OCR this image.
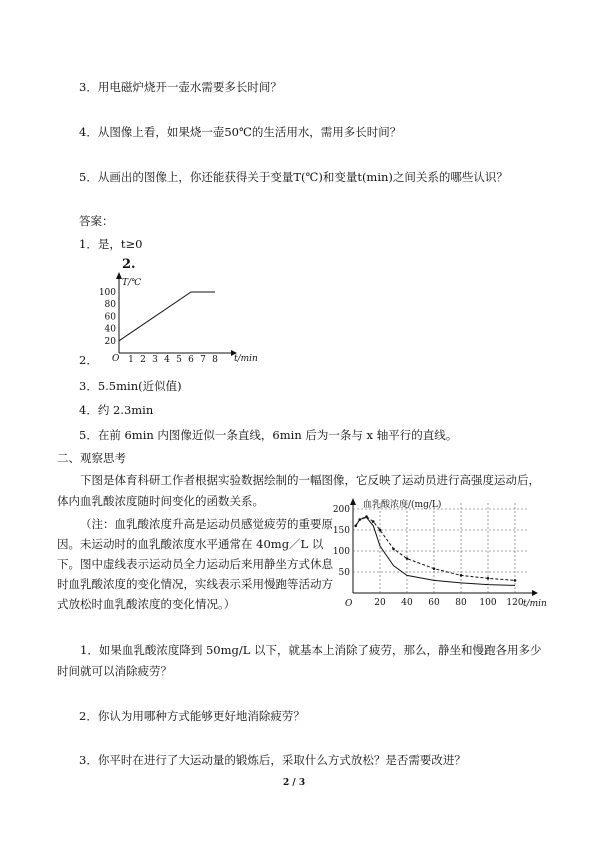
3．用电磁炉烧开一壶水需要多长时间？
4．从图像上看，如果烧一壶50℃的生活用水，需用多长时间？
5．从画出的图像上，你还能获得关于变量T(℃)和变量t(min)之间关系的哪些认识？
答案：
1．是，t≥0
2.
T/℃
O	t/min
20
40
60
80
100
1 2 3 4 5 6 7 8
2．
3．5.5min(近似值)
4．约 2.3min
5．在前 6min 内图像近似一条直线，6min 后为一条与 x 轴平行的直线。
二、观察思考
下图是体育科研工作者根据实验数据绘制的一幅图像，它反映了运动员进行高强度运动后，体内血乳酸浓度随时间变化的函数关系。
（注：血乳酸浓度升高是运动员感觉疲劳的重要原因。未运动时的血乳酸浓度水平通常在 40mg／L 以下。图中虚线表示运动员全力运动后来用静坐方式休息时血乳酸浓度的变化情况，实线表示采用慢跑等活动方式放松时血乳酸浓度的变化情况。）
血乳酸浓度/(mg/L)
O	t/min
50
100
150
200
20 40 60 80 100 120
1．如果血乳酸浓度降到 50mg/L 以下，就基本上消除了疲劳，那么，静坐和慢跑各用多少时间就可以消除疲劳？
2．你认为用哪种方式能够更好地消除疲劳？
3．你平时在进行了大运动量的锻炼后，采取什么方式放松？是否需要改进？
2 / 3
